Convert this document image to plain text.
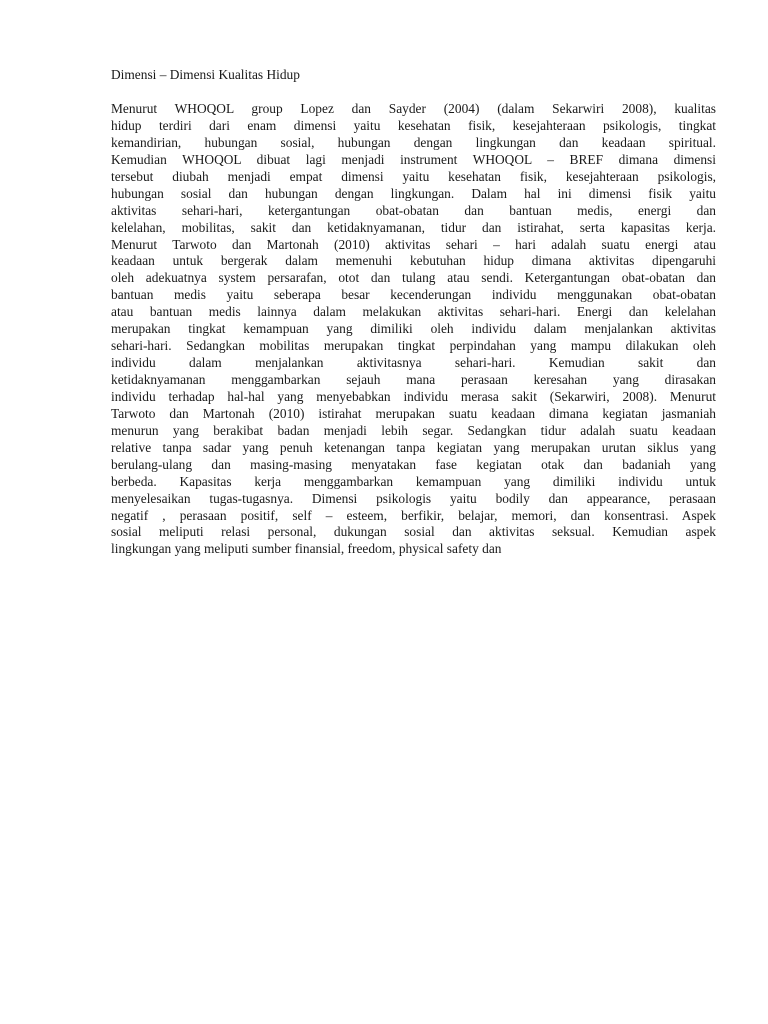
Dimensi – Dimensi Kualitas Hidup
Menurut WHOQOL group Lopez dan Sayder (2004) (dalam Sekarwiri 2008), kualitas
hidup terdiri dari enam dimensi yaitu kesehatan fisik, kesejahteraan psikologis, tingkat
kemandirian, hubungan sosial, hubungan dengan lingkungan dan keadaan spiritual.
Kemudian WHOQOL dibuat lagi menjadi instrument WHOQOL – BREF dimana dimensi
tersebut diubah menjadi empat dimensi yaitu kesehatan fisik, kesejahteraan psikologis,
hubungan sosial dan hubungan dengan lingkungan. Dalam hal ini dimensi fisik yaitu
aktivitas sehari-hari, ketergantungan obat-obatan dan bantuan medis, energi dan
kelelahan, mobilitas, sakit dan ketidaknyamanan, tidur dan istirahat, serta kapasitas kerja.
Menurut Tarwoto dan Martonah (2010) aktivitas sehari – hari adalah suatu energi atau
keadaan untuk bergerak dalam memenuhi kebutuhan hidup dimana aktivitas dipengaruhi
oleh adekuatnya system persarafan, otot dan tulang atau sendi. Ketergantungan obat-obatan dan
bantuan medis yaitu seberapa besar kecenderungan individu menggunakan obat-obatan
atau bantuan medis lainnya dalam melakukan aktivitas sehari-hari. Energi dan kelelahan
merupakan tingkat kemampuan yang dimiliki oleh individu dalam menjalankan aktivitas
sehari-hari. Sedangkan mobilitas merupakan tingkat perpindahan yang mampu dilakukan oleh
individu dalam menjalankan aktivitasnya sehari-hari. Kemudian sakit dan
ketidaknyamanan menggambarkan sejauh mana perasaan keresahan yang dirasakan
individu terhadap hal-hal yang menyebabkan individu merasa sakit (Sekarwiri, 2008). Menurut
Tarwoto dan Martonah (2010) istirahat merupakan suatu keadaan dimana kegiatan jasmaniah
menurun yang berakibat badan menjadi lebih segar. Sedangkan tidur adalah suatu keadaan
relative tanpa sadar yang penuh ketenangan tanpa kegiatan yang merupakan urutan siklus yang
berulang-ulang dan masing-masing menyatakan fase kegiatan otak dan badaniah yang
berbeda. Kapasitas kerja menggambarkan kemampuan yang dimiliki individu untuk
menyelesaikan tugas-tugasnya. Dimensi psikologis yaitu bodily dan appearance, perasaan
negatif , perasaan positif, self – esteem, berfikir, belajar, memori, dan konsentrasi. Aspek
sosial meliputi relasi personal, dukungan sosial dan aktivitas seksual. Kemudian aspek
lingkungan yang meliputi sumber finansial, freedom, physical safety dan
